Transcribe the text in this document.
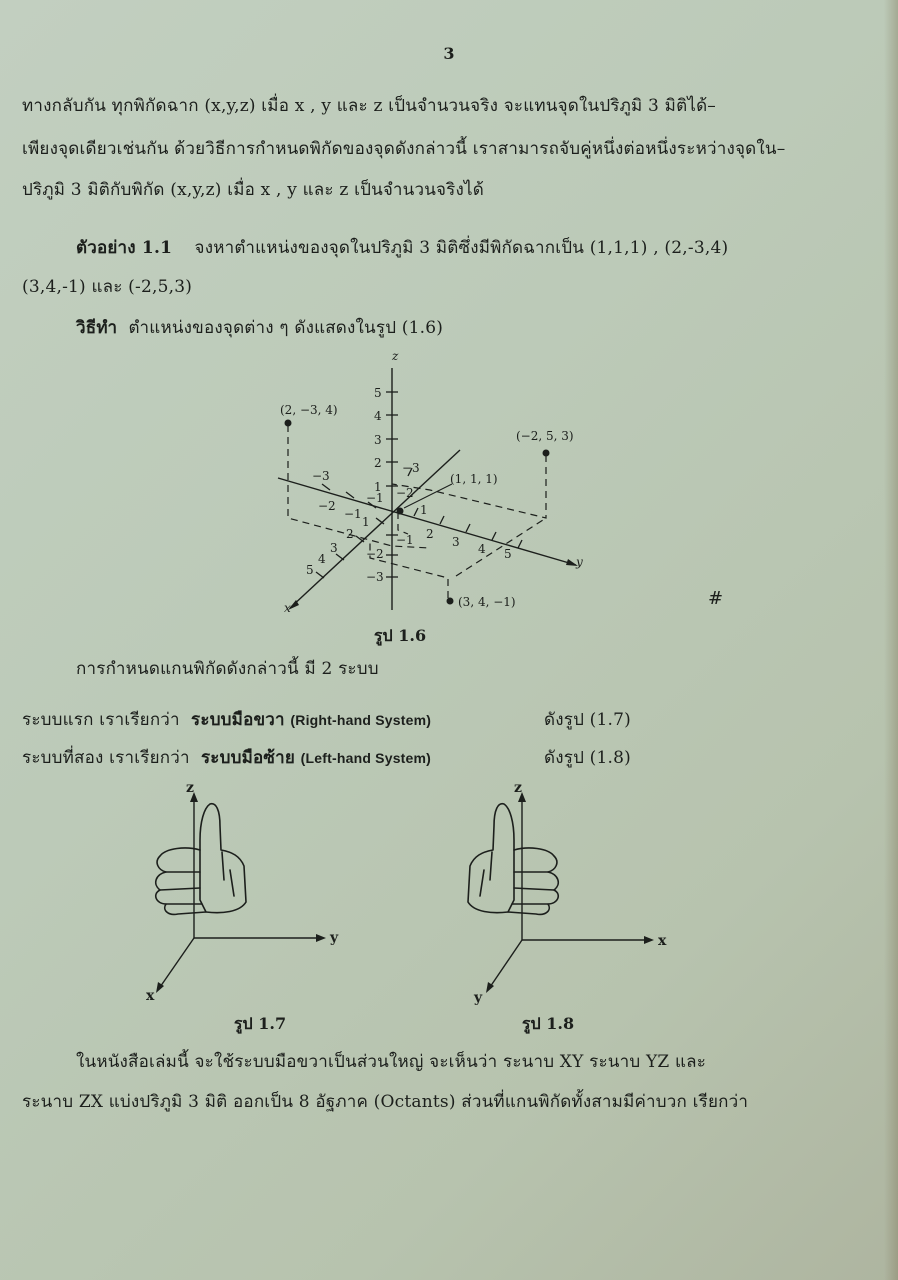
3
ทางกลับกัน ทุกพิกัดฉาก (x,y,z) เมื่อ x , y และ z เป็นจำนวนจริง จะแทนจุดในปริภูมิ 3 มิติได้–
เพียงจุดเดียวเช่นกัน ด้วยวิธีการกำหนดพิกัดของจุดดังกล่าวนี้ เราสามารถจับคู่หนึ่งต่อหนึ่งระหว่างจุดใน–
ปริภูมิ 3 มิติกับพิกัด (x,y,z) เมื่อ x , y และ z เป็นจำนวนจริงได้
ตัวอย่าง 1.1 จงหาตำแหน่งของจุดในปริภูมิ 3 มิติซึ่งมีพิกัดฉากเป็น (1,1,1) , (2,-3,4)
(3,4,-1) และ (-2,5,3)
วิธีทำ ตำแหน่งของจุดต่าง ๆ ดังแสดงในรูป (1.6)
z
x
y
5
4
3
2
1
−1
−2
−3
−3
−2
−1
1
2
3
4
5
−3
−2
−1
1
2
3 4 5
(2, −3, 4)
(−2, 5, 3)
(1, 1, 1)
(3, 4, −1)
รูป 1.6
#
การกำหนดแกนพิกัดดังกล่าวนี้ มี 2 ระบบ
ระบบแรก เราเรียกว่า ระบบมือขวา (Right-hand System)	ดังรูป (1.7)
ระบบที่สอง เราเรียกว่า ระบบมือซ้าย (Left-hand System)	ดังรูป (1.8)
z
y
x
รูป 1.7
z
x
y
รูป 1.8
ในหนังสือเล่มนี้ จะใช้ระบบมือขวาเป็นส่วนใหญ่ จะเห็นว่า ระนาบ XY ระนาบ YZ และ
ระนาบ ZX แบ่งปริภูมิ 3 มิติ ออกเป็น 8 อัฐภาค (Octants) ส่วนที่แกนพิกัดทั้งสามมีค่าบวก เรียกว่า
